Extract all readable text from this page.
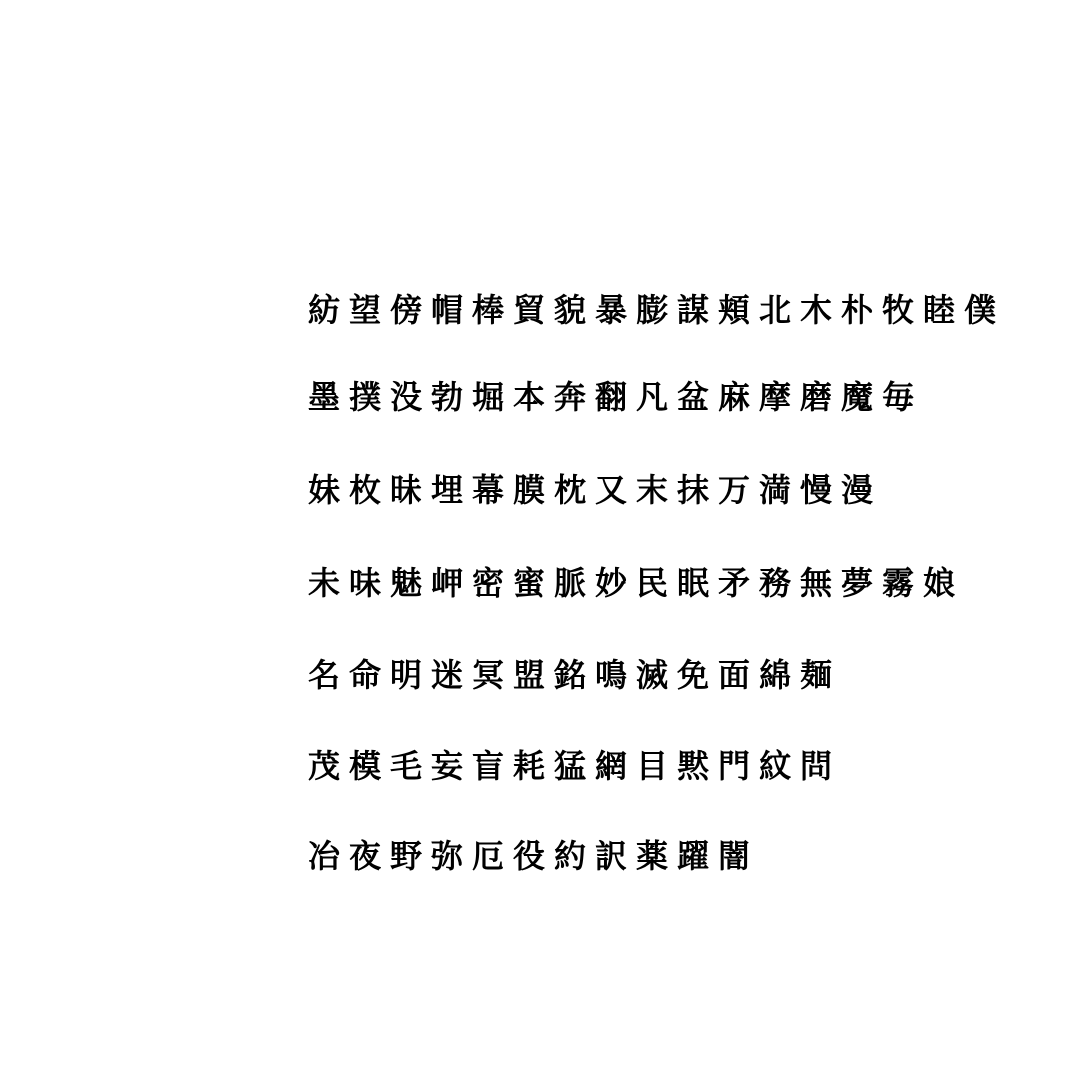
紡望傍帽棒貿貌暴膨謀頬北木朴牧睦僕
墨撲没勃堀本奔翻凡盆麻摩磨魔毎
妹枚昧埋幕膜枕又末抹万満慢漫
未味魅岬密蜜脈妙民眠矛務無夢霧娘
名命明迷冥盟銘鳴滅免面綿麺
茂模毛妄盲耗猛網目黙門紋問
冶夜野弥厄役約訳薬躍闇
